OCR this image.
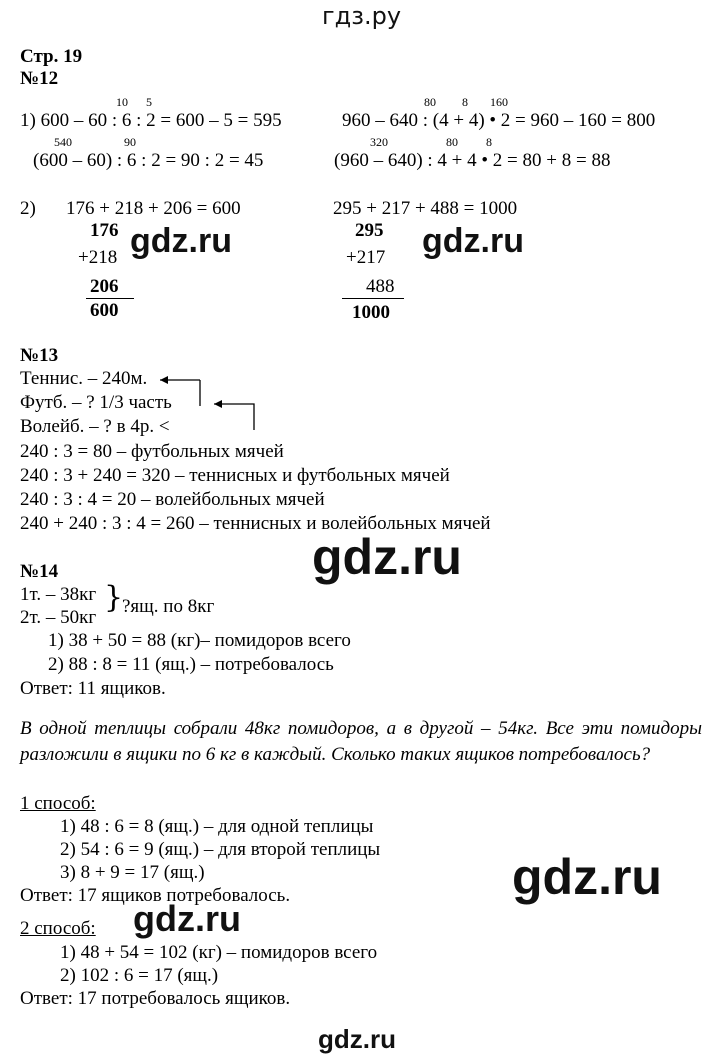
гдз.ру
Стр. 19
№12
10 5	80 8 160
1) 600 – 60 : 6 : 2 = 600 – 5 = 595	960 – 640 : (4 + 4) • 2 = 960 – 160 = 800
540	90	320	80 8
(600 – 60) : 6 : 2 = 90 : 2 = 45	(960 – 640) : 4 + 4 • 2 = 80 + 8 = 88
2) 176 + 218 + 206 = 600	295 + 217 + 488 = 1000
176
+218
206
600
295
+217
488
1000
№13
Теннис. – 240м.
Футб. – ? 1/3 часть
Волейб. – ? в 4р. <
240 : 3 = 80 – футбольных мячей
240 : 3 + 240 = 320 – теннисных и футбольных мячей
240 : 3 : 4 = 20 – волейбольных мячей
240 + 240 : 3 : 4 = 260 – теннисных и волейбольных мячей
№14
1т. – 38кг
2т. – 50кг
}
?ящ. по 8кг
1) 38 + 50 = 88 (кг)– помидоров всего
2) 88 : 8 = 11 (ящ.) – потребовалось
Ответ: 11 ящиков.
В одной теплицы собрали 48кг помидоров, а в другой – 54кг. Все эти помидоры разложили в ящики по 6 кг в каждый. Сколько таких ящиков потребовалось?
1 способ:
1) 48 : 6 = 8 (ящ.) – для одной теплицы
2) 54 : 6 = 9 (ящ.) – для второй теплицы
3) 8 + 9 = 17 (ящ.)
Ответ: 17 ящиков потребовалось.
2 способ:
1) 48 + 54 = 102 (кг) – помидоров всего
2) 102 : 6 = 17 (ящ.)
Ответ: 17 потребовалось ящиков.
gdz.ru	gdz.ru
gdz.ru
gdz.ru
gdz.ru
gdz.ru
